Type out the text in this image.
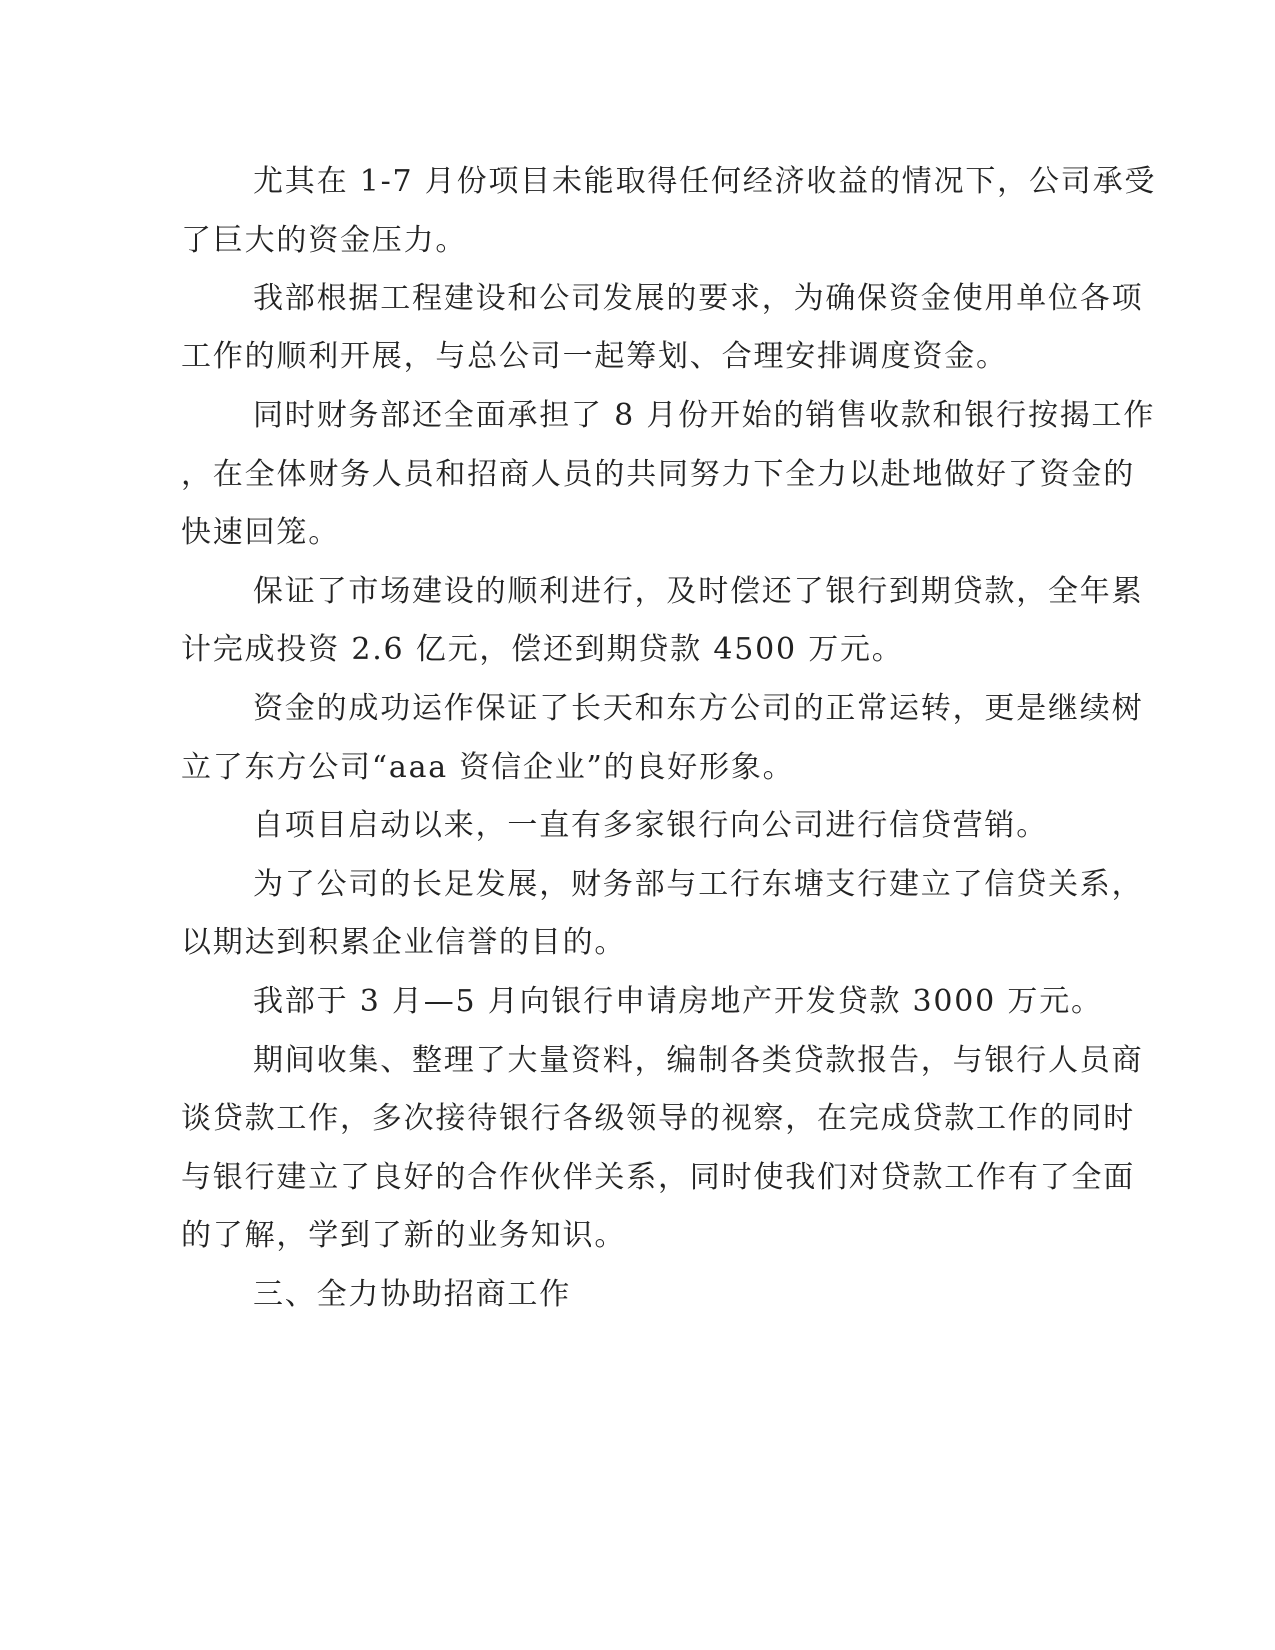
尤其在 1-7 月份项目未能取得任何经济收益的情况下，公司承受

了巨大的资金压力。

我部根据工程建设和公司发展的要求，为确保资金使用单位各项

工作的顺利开展，与总公司一起筹划、合理安排调度资金。

同时财务部还全面承担了 8 月份开始的销售收款和银行按揭工作

，在全体财务人员和招商人员的共同努力下全力以赴地做好了资金的

快速回笼。

保证了市场建设的顺利进行，及时偿还了银行到期贷款，全年累

计完成投资 2.6 亿元，偿还到期贷款 4500 万元。

资金的成功运作保证了长天和东方公司的正常运转，更是继续树

立了东方公司“aaa 资信企业”的良好形象。

自项目启动以来，一直有多家银行向公司进行信贷营销。

为了公司的长足发展，财务部与工行东塘支行建立了信贷关系，

以期达到积累企业信誉的目的。

我部于 3 月—5 月向银行申请房地产开发贷款 3000 万元。

期间收集、整理了大量资料，编制各类贷款报告，与银行人员商

谈贷款工作，多次接待银行各级领导的视察，在完成贷款工作的同时

与银行建立了良好的合作伙伴关系，同时使我们对贷款工作有了全面

的了解，学到了新的业务知识。

三、全力协助招商工作
